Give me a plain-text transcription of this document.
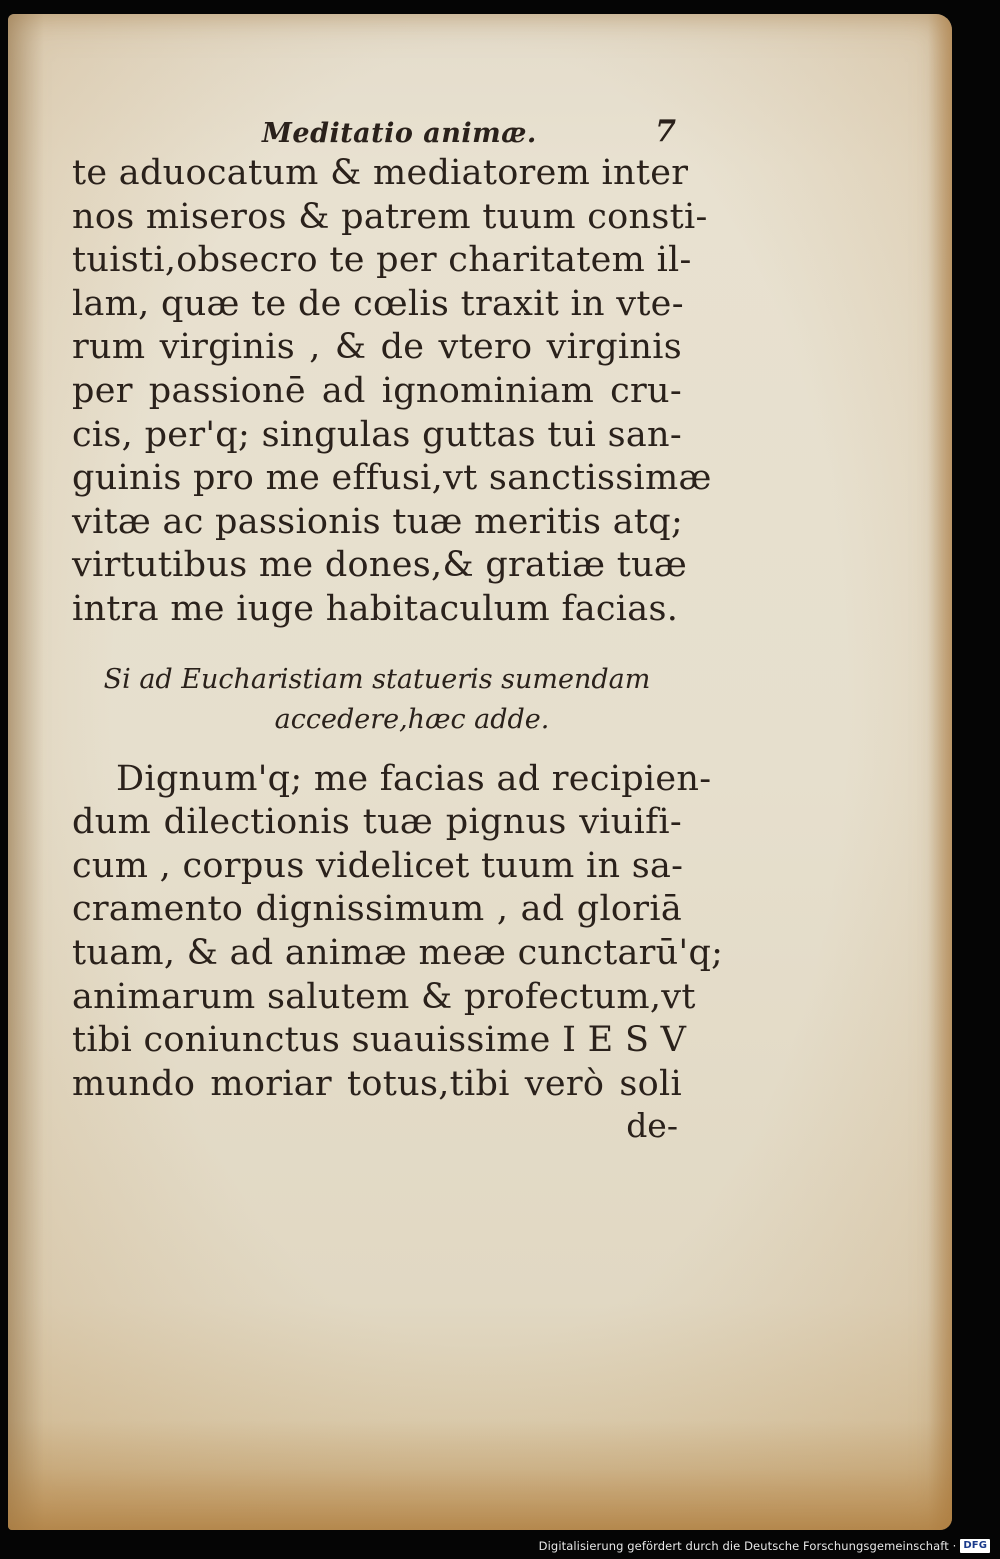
Meditatio animæ.	7
te aduocatum & mediatorem inter
nos miseros & patrem tuum consti-
tuisti,obsecro te per charitatem il-
lam, quæ te de cœlis traxit in vte-
rum virginis , & de vtero virginis
per passionē ad ignominiam cru-
cis, per'q; singulas guttas tui san-
guinis pro me effusi,vt sanctissimæ
vitæ ac passionis tuæ meritis atq;
virtutibus me dones,& gratiæ tuæ
intra me iuge habitaculum facias.
Si ad Eucharistiam statueris sumendam
accedere,hæc adde.
Dignum'q; me facias ad recipien-
dum dilectionis tuæ pignus viuifi-
cum , corpus videlicet tuum in sa-
cramento dignissimum , ad gloriā
tuam, & ad animæ meæ cunctarū'q;
animarum salutem & profectum,vt
tibi coniunctus suauissime I E S V
mundo moriar totus,tibi verò soli
de-
Digitalisierung gefördert durch die Deutsche Forschungsgemeinschaft · DFG
